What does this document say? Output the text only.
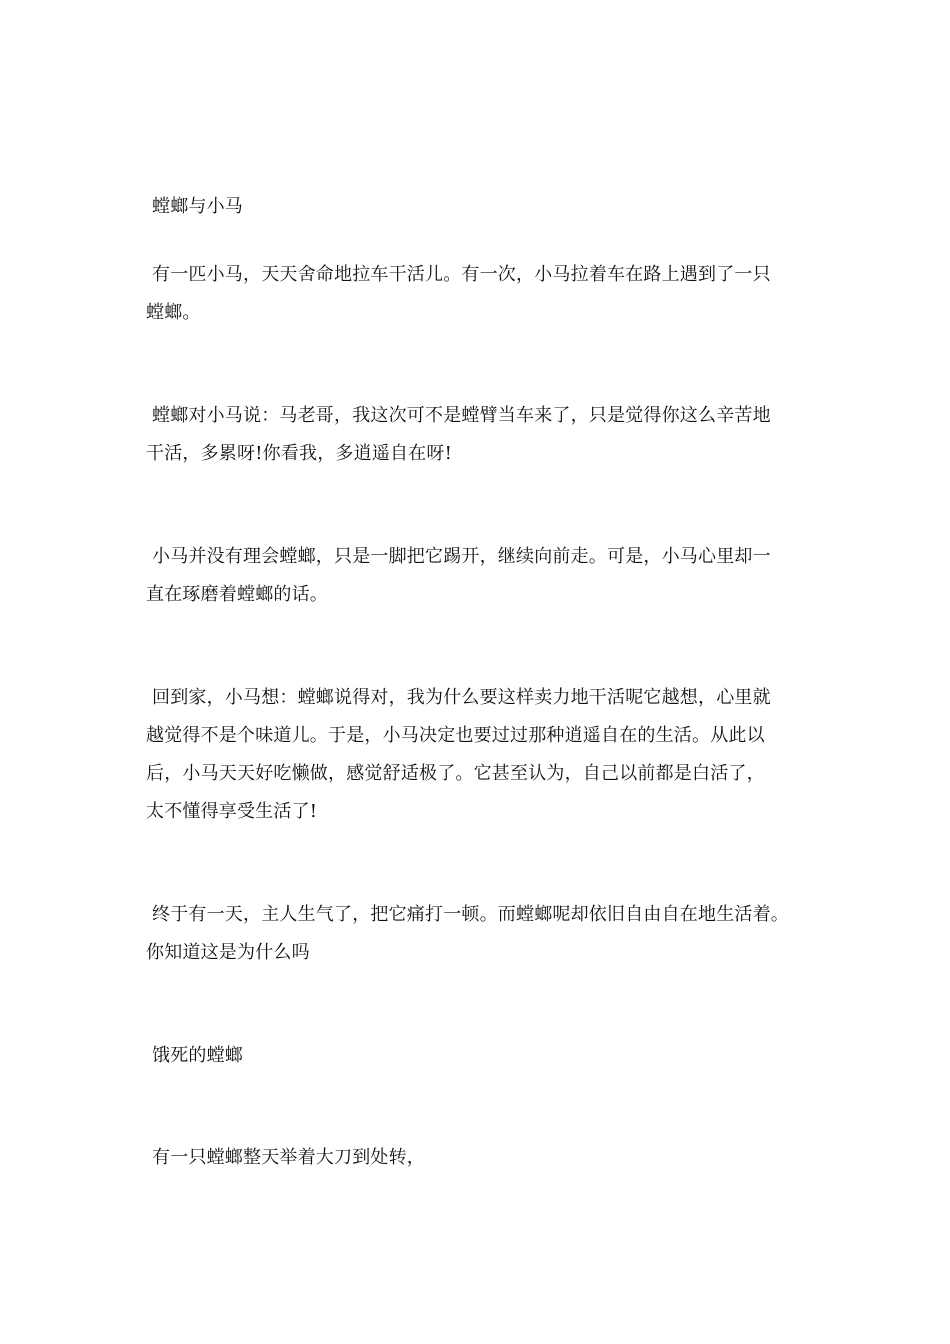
螳螂与小马
有一匹小马，天天舍命地拉车干活儿。有一次，小马拉着车在路上遇到了一只
螳螂。
螳螂对小马说：马老哥，我这次可不是螳臂当车来了，只是觉得你这么辛苦地
干活，多累呀!你看我，多逍遥自在呀!
小马并没有理会螳螂，只是一脚把它踢开，继续向前走。可是，小马心里却一
直在琢磨着螳螂的话。
回到家，小马想：螳螂说得对，我为什么要这样卖力地干活呢它越想，心里就
越觉得不是个味道儿。于是，小马决定也要过过那种逍遥自在的生活。从此以
后，小马天天好吃懒做，感觉舒适极了。它甚至认为，自己以前都是白活了，
太不懂得享受生活了!
终于有一天，主人生气了，把它痛打一顿。而螳螂呢却依旧自由自在地生活着。
你知道这是为什么吗
饿死的螳螂
有一只螳螂整天举着大刀到处转，
